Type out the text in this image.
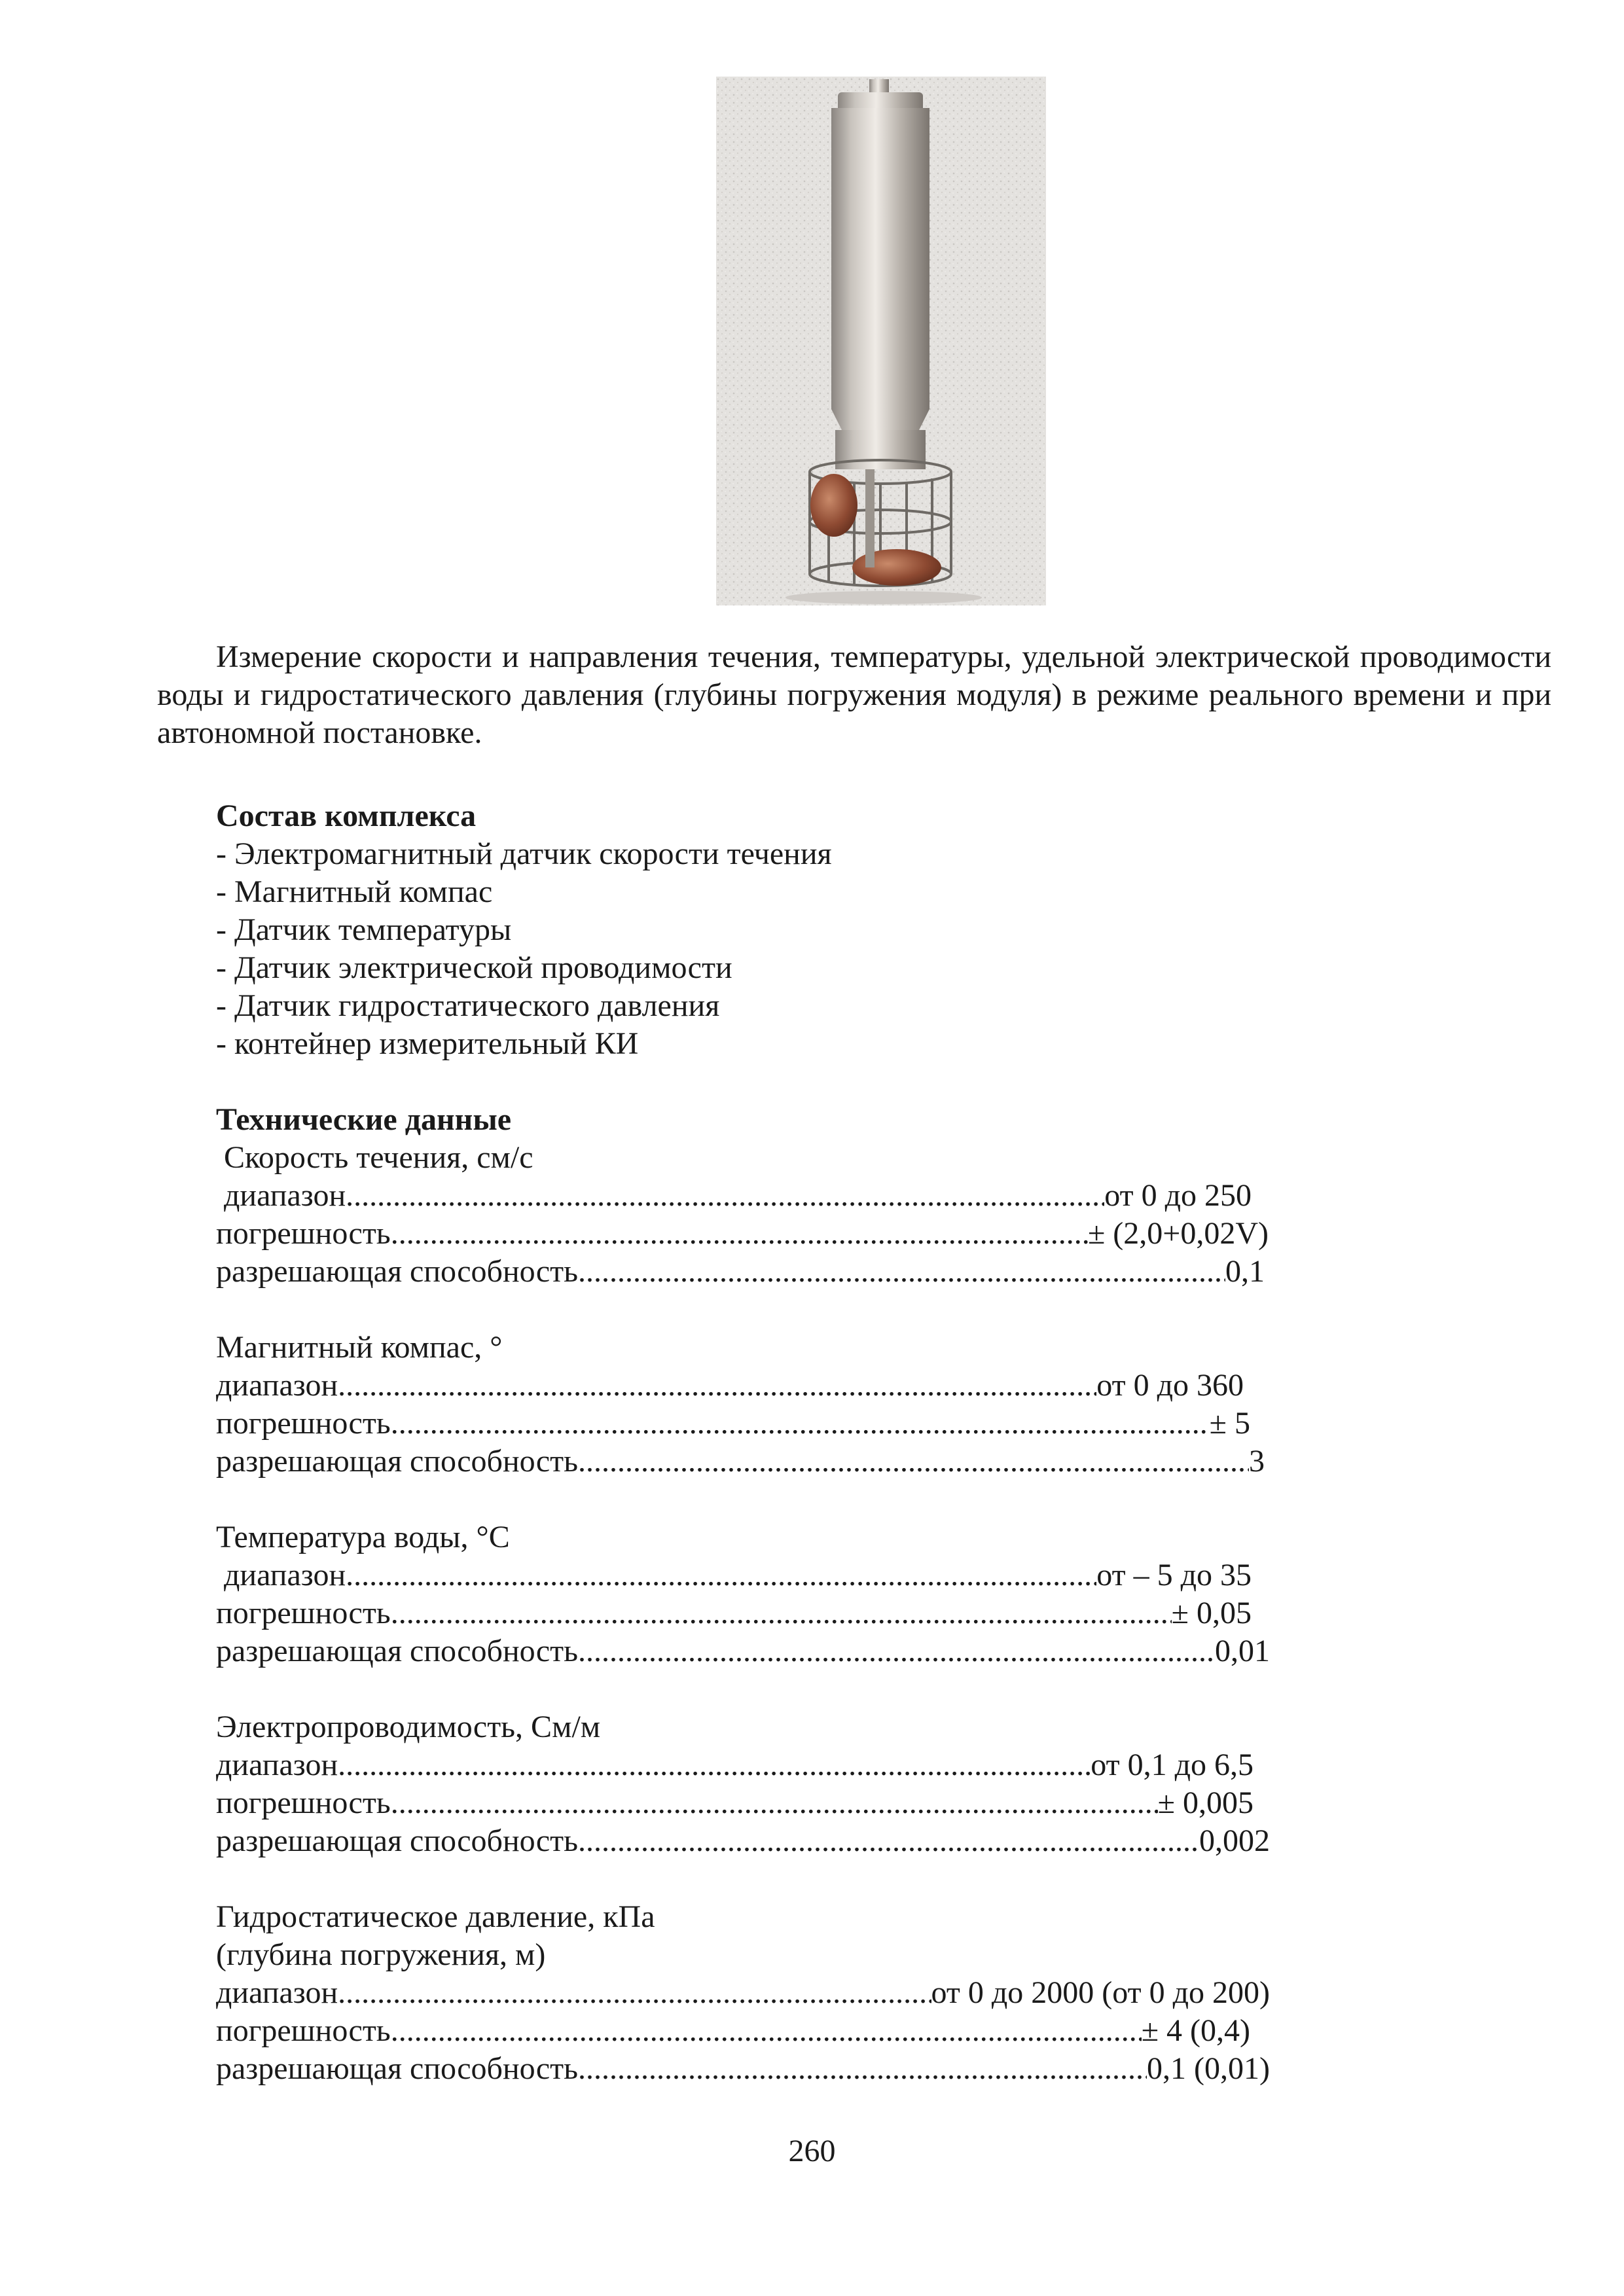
Измерение скорости и направления течения, температуры, удельной электрической проводимости воды и гидростатического давления (глубины погружения модуля) в режиме реального времени и при автономной постановке.

Состав комплекса
- Электромагнитный датчик скорости течения
- Магнитный компас
- Датчик температуры
- Датчик электрической проводимости
- Датчик гидростатического давления
- контейнер измерительный КИ
Технические данные
Скорость течения, см/с
диапазон .....	от 0 до 250
погрешность .....	± (2,0+0,02V)
разрешающая способность .....	0,1
Магнитный компас, °
диапазон .....	от 0 до 360
погрешность .....	± 5
разрешающая способность .....	3
Температура воды, °С
диапазон .....	от – 5 до 35
погрешность .....	± 0,05
разрешающая способность .....	0,01
Электропроводимость, См/м
диапазон .....	от 0,1 до 6,5
погрешность .....	± 0,005
разрешающая способность .....	0,002
Гидростатическое давление, кПа
(глубина погружения, м)
диапазон .....	от 0 до 2000 (от 0 до 200)
погрешность .....	± 4 (0,4)
разрешающая способность .....	0,1 (0,01)
260
